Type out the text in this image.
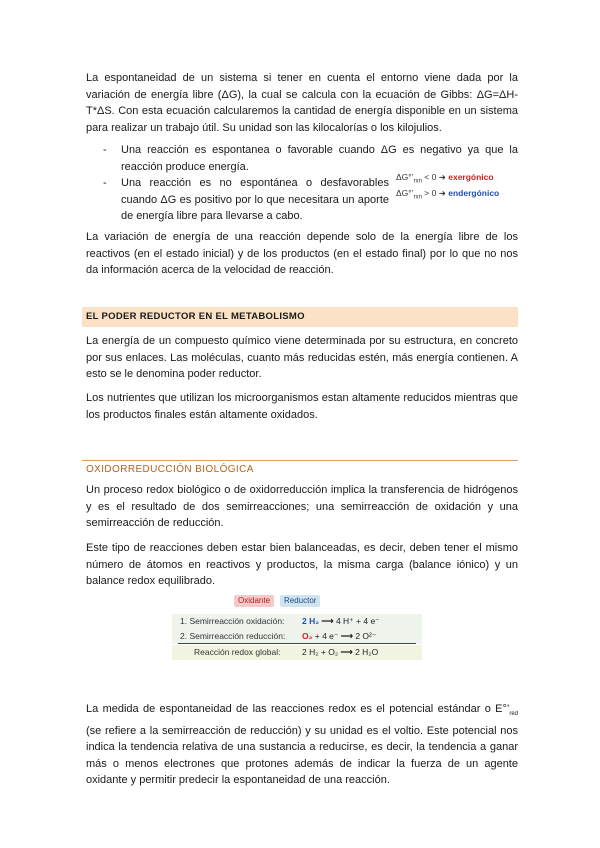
La espontaneidad de un sistema si tener en cuenta el entorno viene dada por la variación de energía libre (ΔG), la cual se calcula con la ecuación de Gibbs: ΔG=ΔH-T*ΔS. Con esta ecuación calcularemos la cantidad de energía disponible en un sistema para realizar un trabajo útil. Su unidad son las kilocalorías o los kilojulios.

- Una reacción es espontanea o favorable cuando ΔG es negativo ya que la reacción produce energía.

- Una reacción es no espontánea o desfavorables cuando ΔG es positivo por lo que necesitara un aporte de energía libre para llevarse a cabo.

$\Delta G^\circ’_{rxn} < 0$ ➜ exergónico
$\Delta G^\circ’_{rxn} > 0$ ➜ endergónico

La variación de energía de una reacción depende solo de la energía libre de los reactivos (en el estado inicial) y de los productos (en el estado final) por lo que no nos da información acerca de la velocidad de reacción.

EL PODER REDUCTOR EN EL METABOLISMO

La energía de un compuesto químico viene determinada por su estructura, en concreto por sus enlaces. Las moléculas, cuanto más reducidas estén, más energía contienen. A esto se le denomina poder reductor.

Los nutrientes que utilizan los microorganismos estan altamente reducidos mientras que los productos finales están altamente oxidados.

OXIDORREDUCCIÓN BIOLÓGICA

Un proceso redox biológico o de oxidorreducción implica la transferencia de hidrógenos y es el resultado de dos semirreacciones; una semirreacción de oxidación y una semirreacción de reducción.

Este tipo de reacciones deben estar bien balanceadas, es decir, deben tener el mismo número de átomos en reactivos y productos, la misma carga (balance iónico) y un balance redox equilibrado.

Oxidante	Reductor
1. Semirreacción oxidación: 2 H₂ ⟶ 4 H⁺ + 4 e⁻
2. Semirreacción reducción: O₂ + 4 e⁻ ⟶ 2 O²⁻
Reacción redox global:	2 H₂ + O₂ ⟶ 2 H₂O

La medida de espontaneidad de las reacciones redox es el potencial estándar o $E^\circ’_{red}$ (se refiere a la semirreacción de reducción) y su unidad es el voltio. Este potencial nos indica la tendencia relativa de una sustancia a reducirse, es decir, la tendencia a ganar más o menos electrones que protones además de indicar la fuerza de un agente oxidante y permitir predecir la espontaneidad de una reacción.
